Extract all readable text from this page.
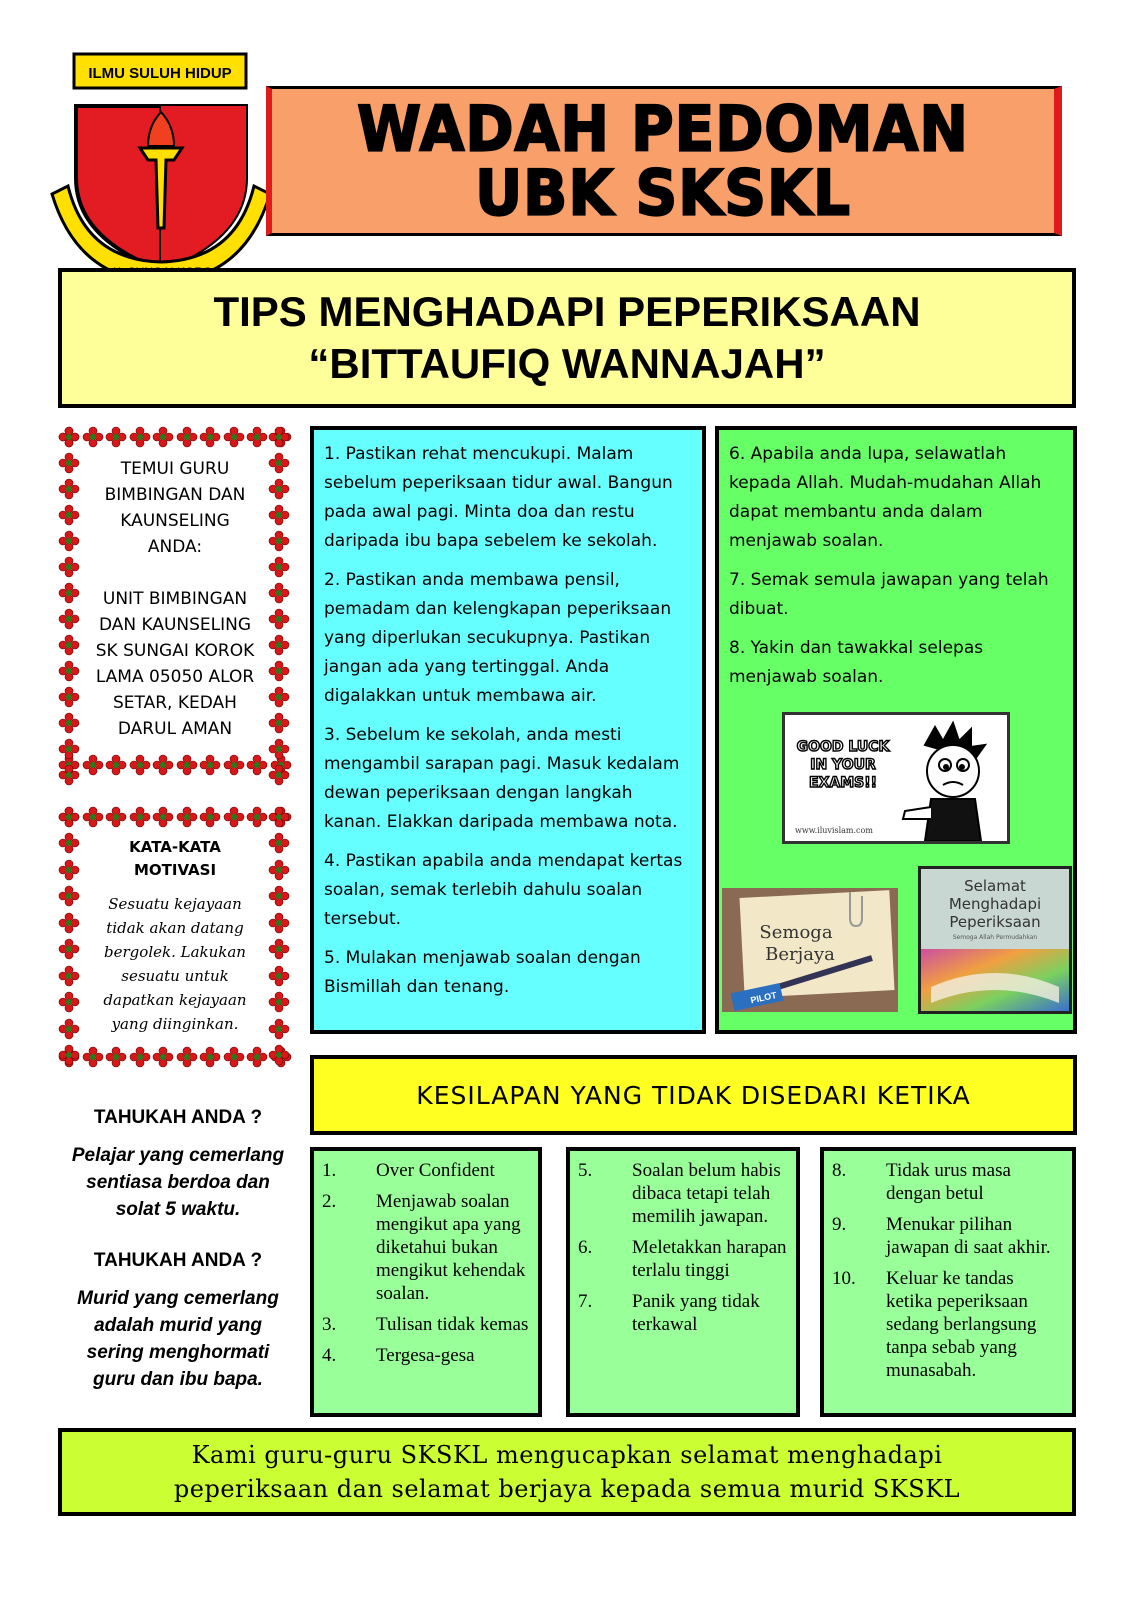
ILMU SULUH HIDUP
WADAH PEDOMAN
UBK SKSKL
TIPS MENGHADAPI PEPERIKSAAN
“BITTAUFIQ WANNAJAH”
TEMUI GURU
BIMBINGAN DAN
KAUNSELING
ANDA:
UNIT BIMBINGAN
DAN KAUNSELING
SK SUNGAI KOROK
LAMA 05050 ALOR
SETAR, KEDAH
DARUL AMAN
KATA-KATA
MOTIVASI
Sesuatu kejayaan
tidak akan datang
bergolek. Lakukan
sesuatu untuk
dapatkan kejayaan
yang diinginkan.
TAHUKAH ANDA ?
Pelajar yang cemerlang
sentiasa berdoa dan
solat 5 waktu.
TAHUKAH ANDA ?
Murid yang cemerlang
adalah murid yang
sering menghormati
guru dan ibu bapa.
1. Pastikan rehat mencukupi. Malam sebelum peperiksaan tidur awal. Bangun pada awal pagi. Minta doa dan restu daripada ibu bapa sebelem ke sekolah.
2. Pastikan anda membawa pensil, pemadam dan kelengkapan peperiksaan yang diperlukan secukupnya. Pastikan jangan ada yang tertinggal. Anda digalakkan untuk membawa air.
3. Sebelum ke sekolah, anda mesti mengambil sarapan pagi. Masuk kedalam dewan peperiksaan dengan langkah kanan. Elakkan daripada membawa nota.
4. Pastikan apabila anda mendapat kertas soalan, semak terlebih dahulu soalan tersebut.
5. Mulakan menjawab soalan dengan Bismillah dan tenang.
6. Apabila anda lupa, selawatlah kepada Allah. Mudah-mudahan Allah dapat membantu anda dalam menjawab soalan.
7. Semak semula jawapan yang telah dibuat.
8. Yakin dan tawakkal selepas menjawab soalan.
GOOD LUCK
IN YOUR
EXAMS!!
www.iluvislam.com
Semoga
Berjaya
PILOT
Selamat
Menghadapi
Peperiksaan
Semoga Allah Permudahkan
KESILAPAN YANG TIDAK DISEDARI KETIKA
1.	Over Confident
2.	Menjawab soalan mengikut apa yang diketahui bukan mengikut kehendak soalan.
3.	Tulisan tidak kemas
4.	Tergesa-gesa
5.	Soalan belum habis dibaca tetapi telah memilih jawapan.
6.	Meletakkan harapan terlalu tinggi
7.	Panik yang tidak terkawal
8.	Tidak urus masa dengan betul
9.	Menukar pilihan jawapan di saat akhir.
10.	Keluar ke tandas ketika peperiksaan sedang berlangsung tanpa sebab yang munasabah.
Kami guru-guru SKSKL mengucapkan selamat menghadapi
peperiksaan dan selamat berjaya kepada semua murid SKSKL
